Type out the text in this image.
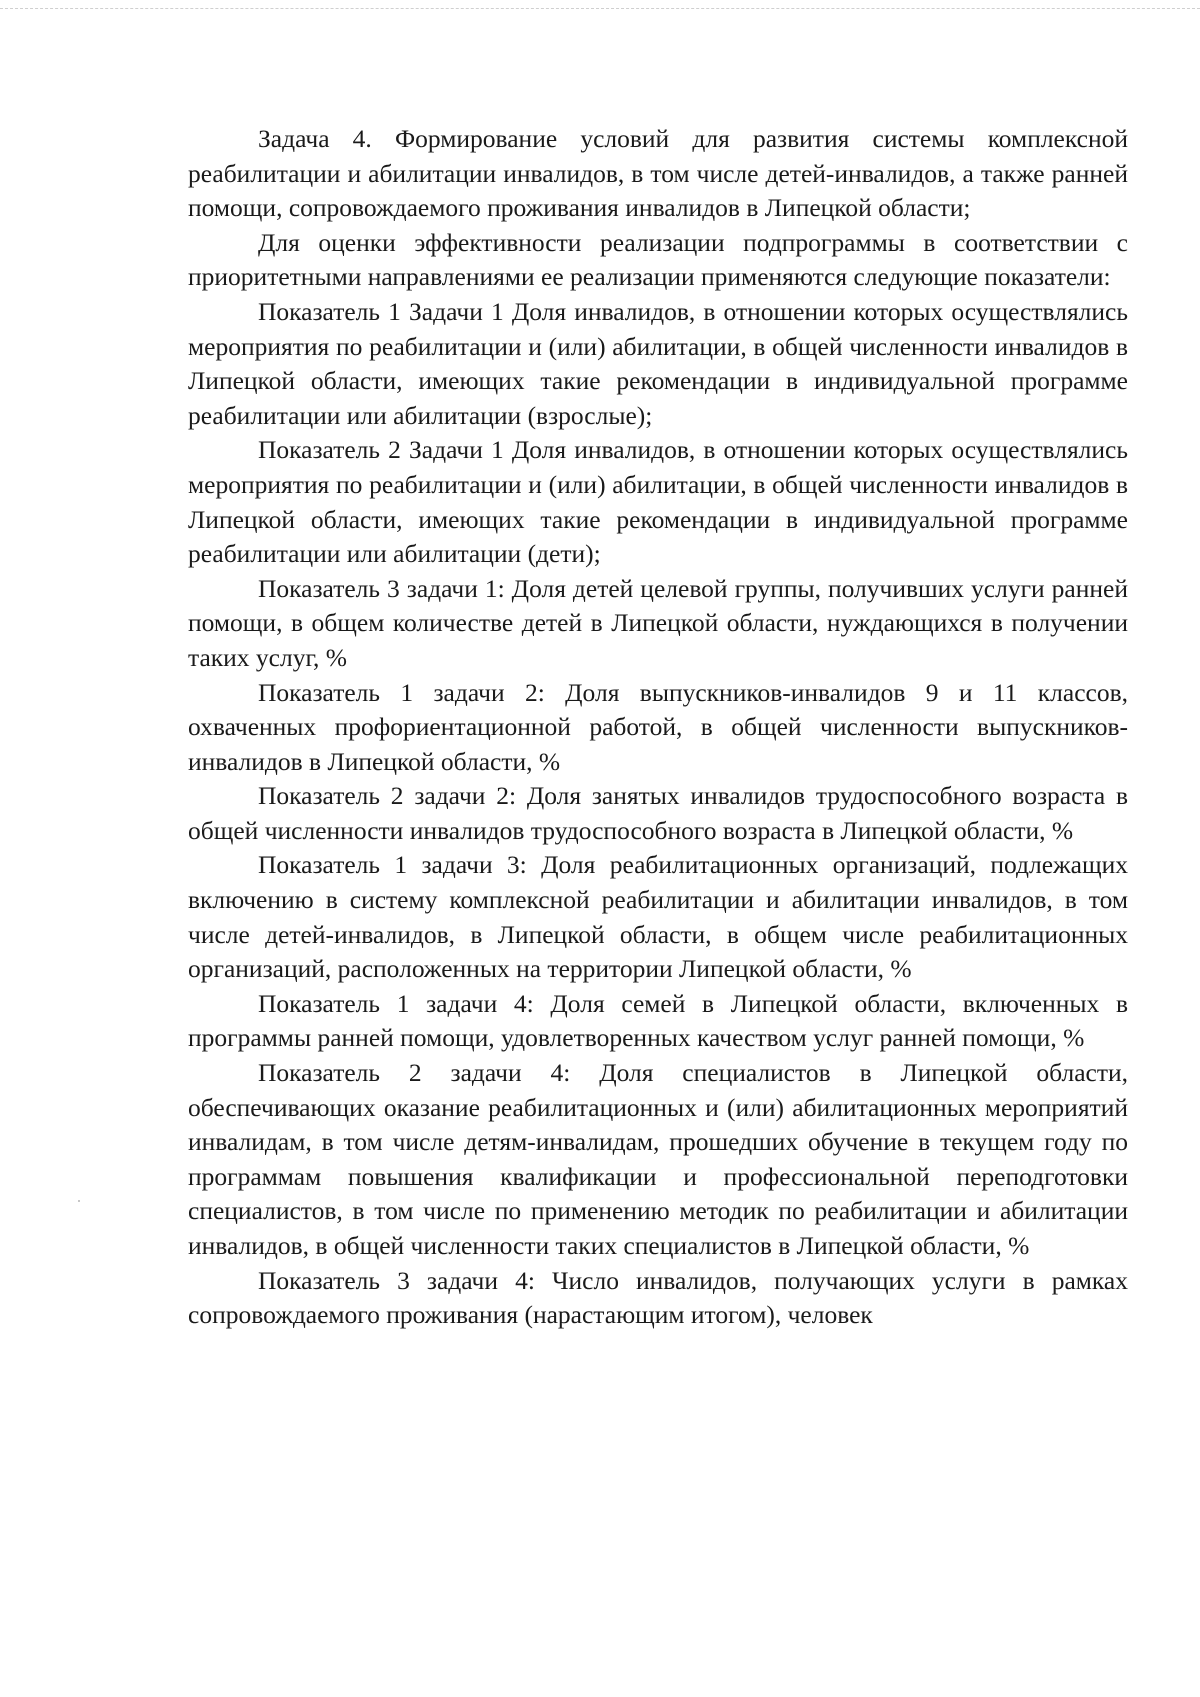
Задача 4. Формирование условий для развития системы комплексной реабилитации и абилитации инвалидов, в том числе детей-инвалидов, а также ранней помощи, сопровождаемого проживания инвалидов в Липецкой области;

Для оценки эффективности реализации подпрограммы в соответствии с приоритетными направлениями ее реализации применяются следующие показатели:

Показатель 1 Задачи 1 Доля инвалидов, в отношении которых осуществлялись мероприятия по реабилитации и (или) абилитации, в общей численности инвалидов в Липецкой области, имеющих такие рекомендации в индивидуальной программе реабилитации или абилитации (взрослые);

Показатель 2 Задачи 1 Доля инвалидов, в отношении которых осуществлялись мероприятия по реабилитации и (или) абилитации, в общей численности инвалидов в Липецкой области, имеющих такие рекомендации в индивидуальной программе реабилитации или абилитации (дети);

Показатель 3 задачи 1: Доля детей целевой группы, получивших услуги ранней помощи, в общем количестве детей в Липецкой области, нуждающихся в получении таких услуг, %

Показатель 1 задачи 2: Доля выпускников-инвалидов 9 и 11 классов, охваченных профориентационной работой, в общей численности выпускников-инвалидов в Липецкой области, %

Показатель 2 задачи 2: Доля занятых инвалидов трудоспособного возраста в общей численности инвалидов трудоспособного возраста в Липецкой области, %

Показатель 1 задачи 3: Доля реабилитационных организаций, подлежащих включению в систему комплексной реабилитации и абилитации инвалидов, в том числе детей-инвалидов, в Липецкой области, в общем числе реабилитационных организаций, расположенных на территории Липецкой области, %

Показатель 1 задачи 4: Доля семей в Липецкой области, включенных в программы ранней помощи, удовлетворенных качеством услуг ранней помощи, %

Показатель 2 задачи 4: Доля специалистов в Липецкой области, обеспечивающих оказание реабилитационных и (или) абилитационных мероприятий инвалидам, в том числе детям-инвалидам, прошедших обучение в текущем году по программам повышения квалификации и профессиональной переподготовки специалистов, в том числе по применению методик по реабилитации и абилитации инвалидов, в общей численности таких специалистов в Липецкой области, %

Показатель 3 задачи 4: Число инвалидов, получающих услуги в рамках сопровождаемого проживания (нарастающим итогом), человек
